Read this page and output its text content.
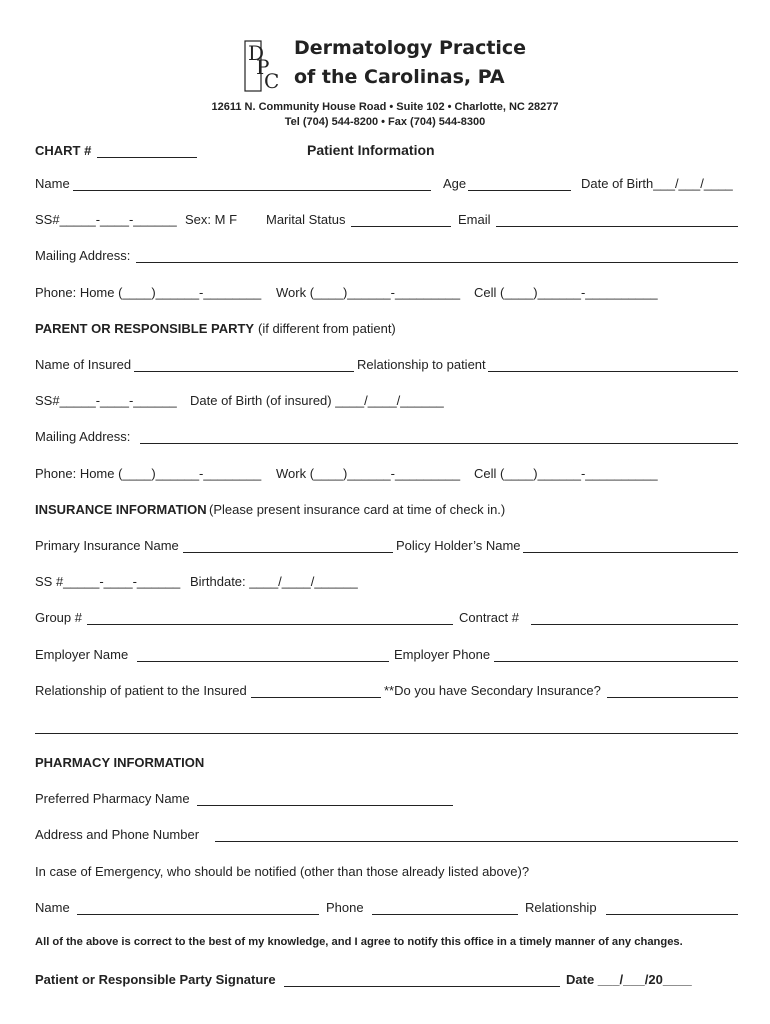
D
P
C
Dermatology Practice
of the Carolinas, PA
12611 N. Community House Road • Suite 102 • Charlotte, NC 28277
Tel (704) 544-8200 • Fax (704) 544-8300
CHART #	Patient Information
Name	Age	Date of Birth___/___/____
SS#_____-____-______ Sex: M F Marital Status	Email
Mailing Address:
Phone: Home (____)______-________ Work (____)______-_________ Cell (____)______-__________
PARENT OR RESPONSIBLE PARTY (if different from patient)
Name of Insured	Relationship to patient
SS#_____-____-______ Date of Birth (of insured) ____/____/______
Mailing Address:
Phone: Home (____)______-________ Work (____)______-_________ Cell (____)______-__________
INSURANCE INFORMATION (Please present insurance card at time of check in.)
Primary Insurance Name	Policy Holder’s Name
SS #_____-____-______ Birthdate: ____/____/______
Group #	Contract #
Employer Name	Employer Phone
Relationship of patient to the Insured	**Do you have Secondary Insurance?
PHARMACY INFORMATION
Preferred Pharmacy Name
Address and Phone Number
In case of Emergency, who should be notified (other than those already listed above)?
Name	Phone	Relationship
All of the above is correct to the best of my knowledge, and I agree to notify this office in a timely manner of any changes.
Patient or Responsible Party Signature	Date ___/___/20____
